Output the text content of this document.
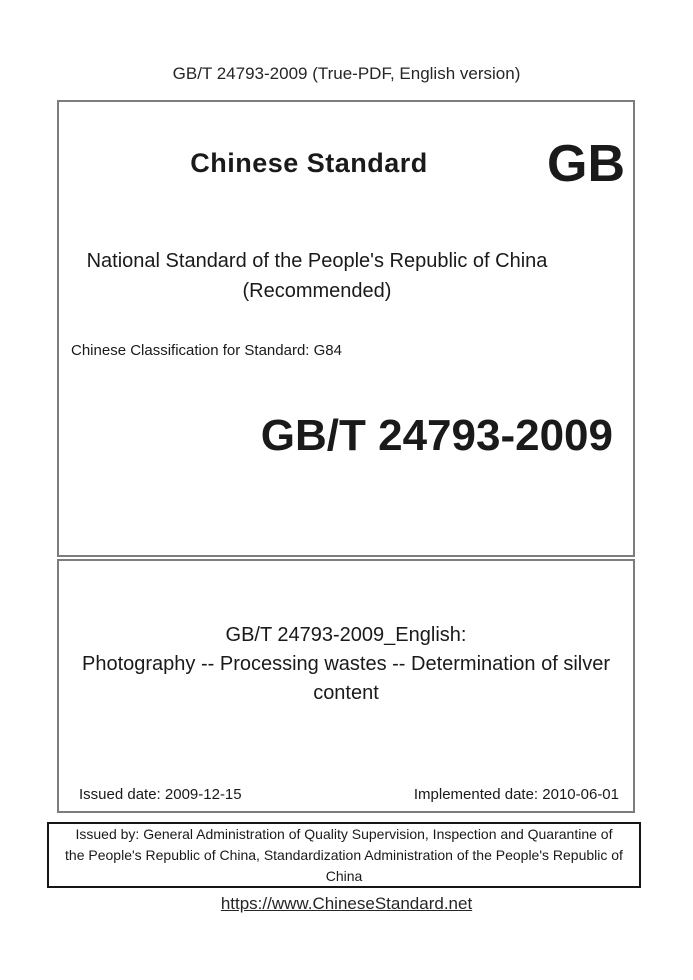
GB/T 24793-2009 (True-PDF, English version)
Chinese Standard	GB
National Standard of the People's Republic of China
(Recommended)
Chinese Classification for Standard: G84
GB/T 24793-2009
GB/T 24793-2009_English:
Photography -- Processing wastes -- Determination of silver
content
Issued date: 2009-12-15	Implemented date: 2010-06-01
Issued by: General Administration of Quality Supervision, Inspection and Quarantine of
the People's Republic of China, Standardization Administration of the People's Republic of
China
https://www.ChineseStandard.net
